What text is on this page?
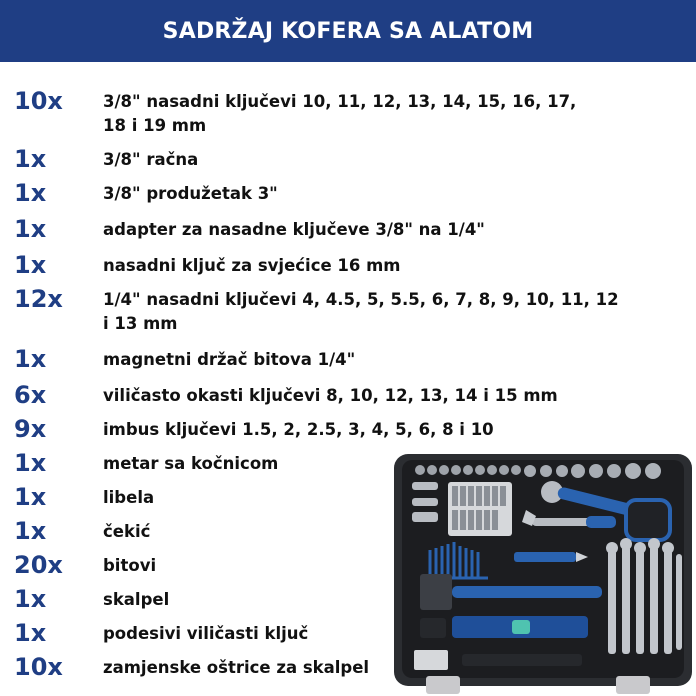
SADRŽAJ KOFERA SA ALATOM
10x 3/8" nasadni ključevi 10, 11, 12, 13, 14, 15, 16, 17, 18 i 19 mm
1x	3/8" račna
1x	3/8" produžetak 3"
1x	adapter za nasadne ključeve 3/8" na 1/4"
1x	nasadni ključ za svjećice 16 mm
12x 1/4" nasadni ključevi 4, 4.5, 5, 5.5, 6, 7, 8, 9, 10, 11, 12 i 13 mm
1x	magnetni držač bitova 1/4"
6x	viličasto okasti ključevi 8, 10, 12, 13, 14 i 15 mm
9x	imbus ključevi 1.5, 2, 2.5, 3, 4, 5, 6, 8 i 10
1x	metar sa kočnicom
1x	libela
1x	čekić
20x bitovi
1x	skalpel
1x	podesivi viličasti ključ
10x zamjenske oštrice za skalpel
